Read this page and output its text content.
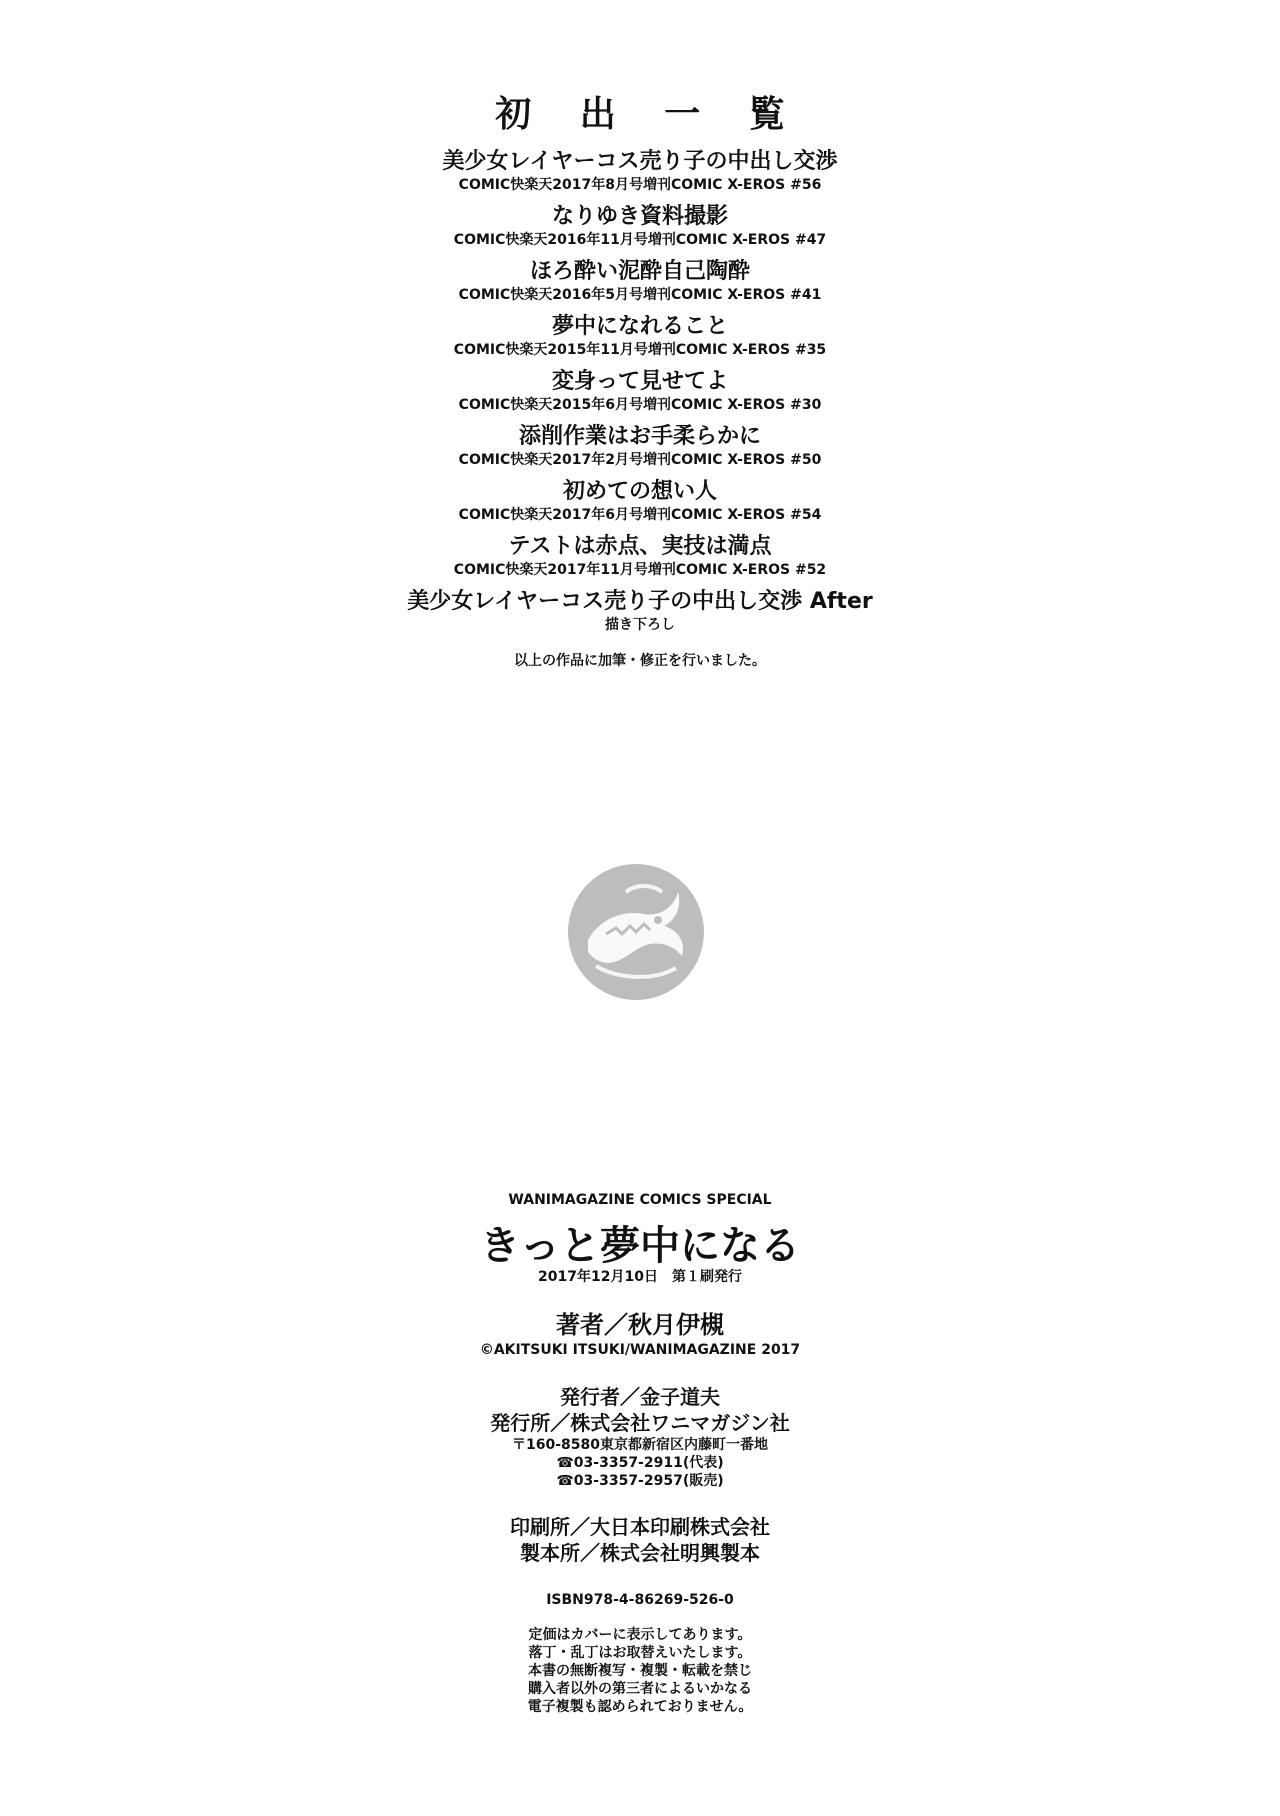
初 出 一 覧
美少女レイヤーコス売り子の中出し交渉
COMIC快楽天2017年8月号増刊COMIC X-EROS #56
なりゆき資料撮影
COMIC快楽天2016年11月号増刊COMIC X-EROS #47
ほろ酔い泥酔自己陶酔
COMIC快楽天2016年5月号増刊COMIC X-EROS #41
夢中になれること
COMIC快楽天2015年11月号増刊COMIC X-EROS #35
変身って見せてよ
COMIC快楽天2015年6月号増刊COMIC X-EROS #30
添削作業はお手柔らかに
COMIC快楽天2017年2月号増刊COMIC X-EROS #50
初めての想い人
COMIC快楽天2017年6月号増刊COMIC X-EROS #54
テストは赤点、実技は満点
COMIC快楽天2017年11月号増刊COMIC X-EROS #52
美少女レイヤーコス売り子の中出し交渉 After
描き下ろし
以上の作品に加筆・修正を行いました。
WANIMAGAZINE COMICS SPECIAL
きっと夢中になる
2017年12月10日　第１刷発行
著者／秋月伊槻
©AKITSUKI ITSUKI/WANIMAGAZINE 2017
発行者／金子道夫
発行所／株式会社ワニマガジン社
〒160-8580東京都新宿区内藤町一番地
☎03-3357-2911(代表)
☎03-3357-2957(販売)
印刷所／大日本印刷株式会社
製本所／株式会社明興製本
ISBN978-4-86269-526-0
定価はカバーに表示してあります。
落丁・乱丁はお取替えいたします。
本書の無断複写・複製・転載を禁じ
購入者以外の第三者によるいかなる
電子複製も認められておりません。
